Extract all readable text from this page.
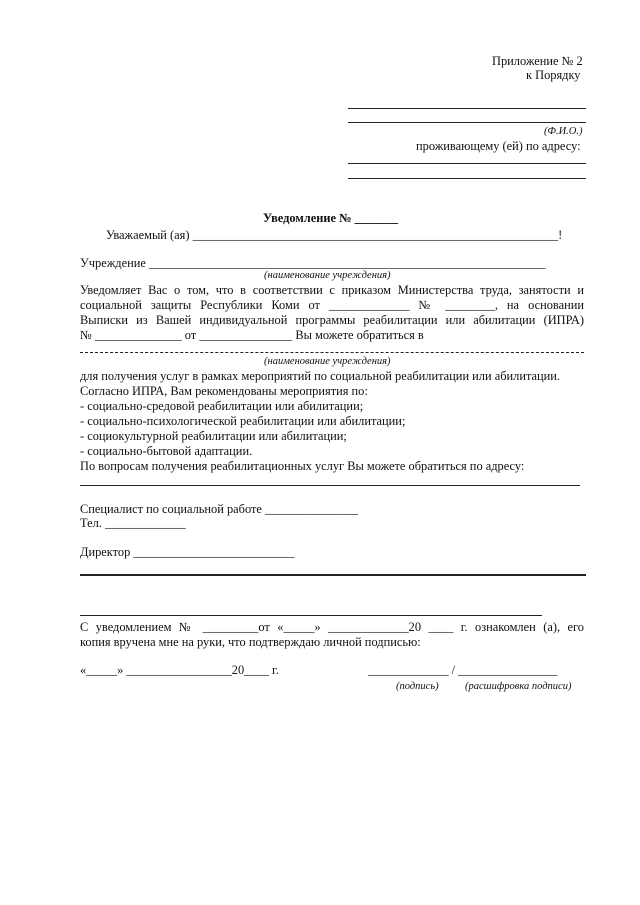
Приложение № 2
к Порядку
(Ф.И.О.)
проживающему (ей) по адресу:
Уведомление № _______
Уважаемый (ая) ___________________________________________________________!
Учреждение ________________________________________________________________
(наименование учреждения)
Уведомляет Вас о том, что в соответствии с приказом Министерства труда, занятости и
социальной защиты Республики Коми от _____________ № ________, на основании
Выписки из Вашей индивидуальной программы реабилитации или абилитации (ИПРА)
№ ______________ от _______________ Вы можете обратиться в
(наименование учреждения)
для получения услуг в рамках мероприятий по социальной реабилитации или абилитации.
Согласно ИПРА, Вам рекомендованы мероприятия по:
- социально-средовой реабилитации или абилитации;
- социально-психологической реабилитации или абилитации;
- социокультурной реабилитации или абилитации;
- социально-бытовой адаптации.
По вопросам получения реабилитационных услуг Вы можете обратиться по адресу:
Специалист по социальной работе _______________
Тел. _____________
Директор __________________________
С уведомлением № _________от «_____» _____________20 ____ г. ознакомлен (а), его
копия вручена мне на руки, что подтверждаю личной подписью:
«_____» _________________20____ г.	_____________ / ________________
(подпись)	(расшифровка подписи)
